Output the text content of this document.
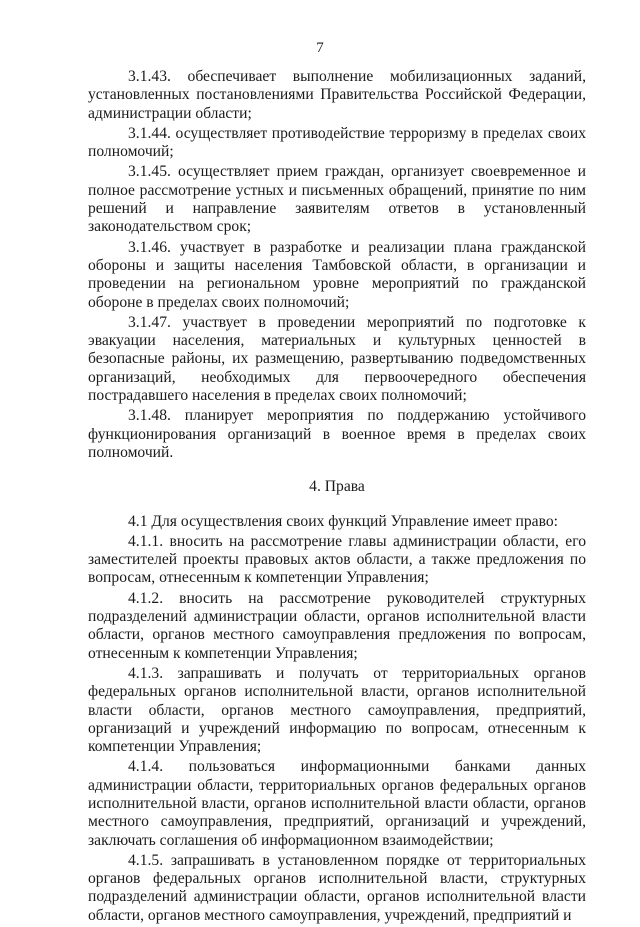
7

3.1.43. обеспечивает выполнение мобилизационных заданий, установленных постановлениями Правительства Российской Федерации, администрации области;

3.1.44. осуществляет противодействие терроризму в пределах своих полномочий;

3.1.45. осуществляет прием граждан, организует своевременное и полное рассмотрение устных и письменных обращений, принятие по ним решений и направление заявителям ответов в установленный законодательством срок;

3.1.46. участвует в разработке и реализации плана гражданской обороны и защиты населения Тамбовской области, в организации и проведении на региональном уровне мероприятий по гражданской обороне в пределах своих полномочий;

3.1.47. участвует в проведении мероприятий по подготовке к эвакуации населения, материальных и культурных ценностей в безопасные районы, их размещению, развертыванию подведомственных организаций, необходимых для первоочередного обеспечения пострадавшего населения в пределах своих полномочий;

3.1.48. планирует мероприятия по поддержанию устойчивого функционирования организаций в военное время в пределах своих полномочий.

4. Права

4.1 Для осуществления своих функций Управление имеет право:

4.1.1. вносить на рассмотрение главы администрации области, его заместителей проекты правовых актов области, а также предложения по вопросам, отнесенным к компетенции Управления;

4.1.2. вносить на рассмотрение руководителей структурных подразделений администрации области, органов исполнительной власти области, органов местного самоуправления предложения по вопросам, отнесенным к компетенции Управления;

4.1.3. запрашивать и получать от территориальных органов федеральных органов исполнительной власти, органов исполнительной власти области, органов местного самоуправления, предприятий, организаций и учреждений информацию по вопросам, отнесенным к компетенции Управления;

4.1.4. пользоваться информационными банками данных администрации области, территориальных органов федеральных органов исполнительной власти, органов исполнительной власти области, органов местного самоуправления, предприятий, организаций и учреждений, заключать соглашения об информационном взаимодействии;

4.1.5. запрашивать в установленном порядке от территориальных органов федеральных органов исполнительной власти, структурных подразделений администрации области, органов исполнительной власти области, органов местного самоуправления, учреждений, предприятий и
